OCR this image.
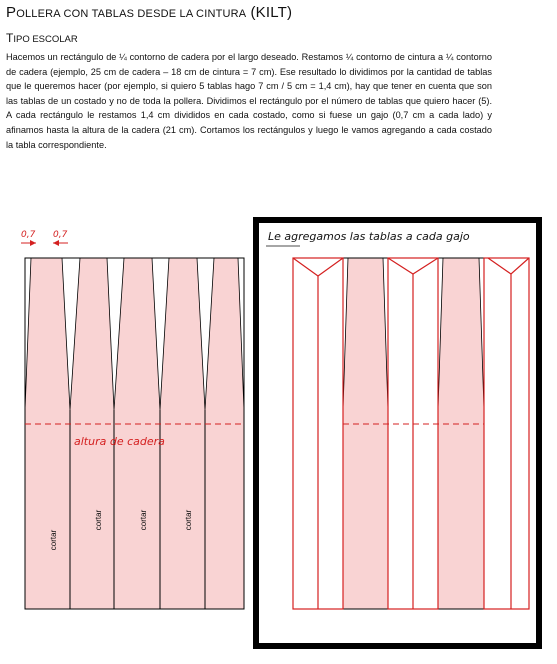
POLLERA CON TABLAS DESDE LA CINTURA (KILT)
TIPO ESCOLAR
Hacemos un rectángulo de ¼ contorno de cadera por el largo deseado. Restamos ¼ contorno de cintura a ¼ contorno de cadera (ejemplo, 25 cm de cadera – 18 cm de cintura = 7 cm). Ese resultado lo dividimos por la cantidad de tablas que le queremos hacer (por ejemplo, si quiero 5 tablas hago 7 cm / 5 cm = 1,4 cm), hay que tener en cuenta que son las tablas de un costado y no de toda la pollera. Dividimos el rectángulo por el número de tablas que quiero hacer (5). A cada rectángulo le restamos 1,4 cm divididos en cada costado, como si fuese un gajo (0,7 cm a cada lado) y afinamos hasta la altura de la cadera (21 cm). Cortamos los rectángulos y luego le vamos agregando a cada costado la tabla correspondiente.
0,7 0,7
altura de cadera
cortar
cortar	cortar	cortar
Le agregamos las tablas a cada gajo
